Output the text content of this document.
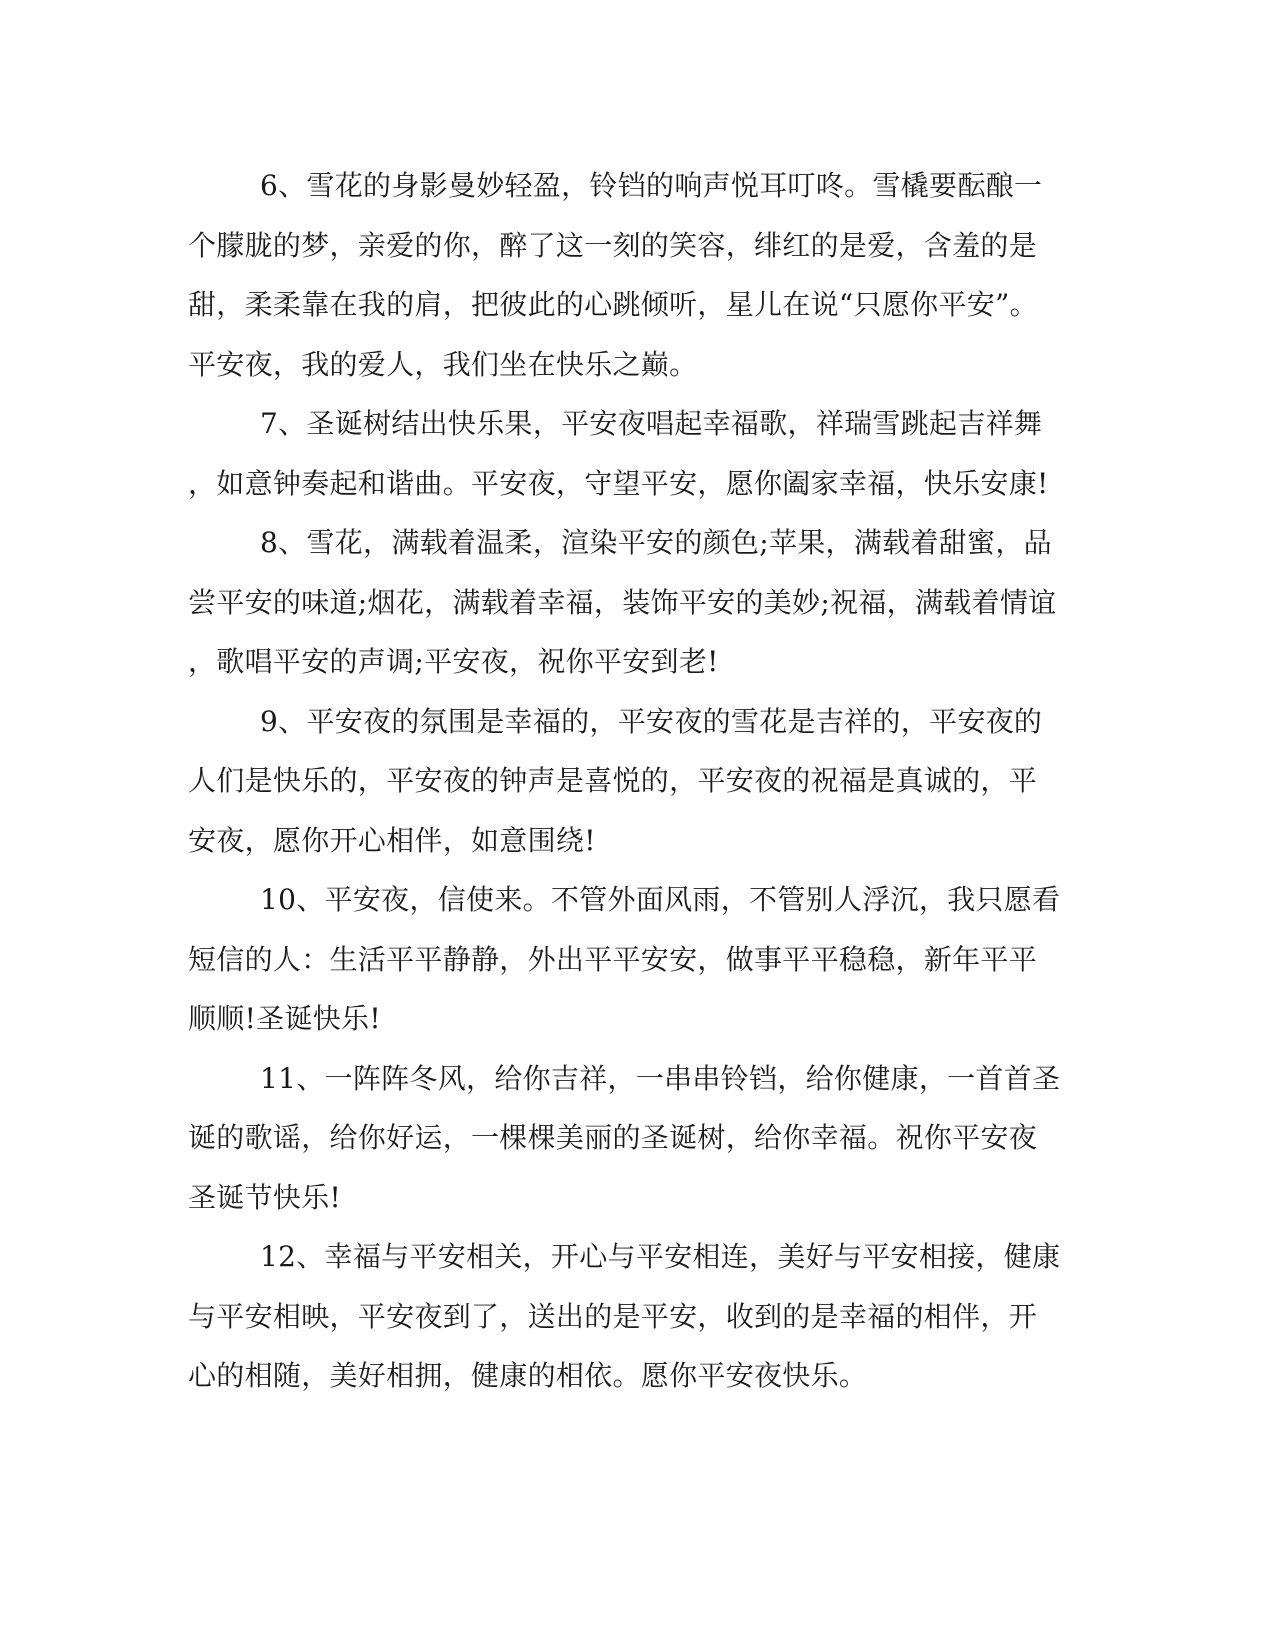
6、雪花的身影曼妙轻盈，铃铛的响声悦耳叮咚。雪橇要酝酿一
个朦胧的梦，亲爱的你，醉了这一刻的笑容，绯红的是爱，含羞的是
甜，柔柔靠在我的肩，把彼此的心跳倾听，星儿在说“只愿你平安”。
平安夜，我的爱人，我们坐在快乐之巅。
7、圣诞树结出快乐果，平安夜唱起幸福歌，祥瑞雪跳起吉祥舞
，如意钟奏起和谐曲。平安夜，守望平安，愿你阖家幸福，快乐安康!
8、雪花，满载着温柔，渲染平安的颜色;苹果，满载着甜蜜，品
尝平安的味道;烟花，满载着幸福，装饰平安的美妙;祝福，满载着情谊
，歌唱平安的声调;平安夜，祝你平安到老!
9、平安夜的氛围是幸福的，平安夜的雪花是吉祥的，平安夜的
人们是快乐的，平安夜的钟声是喜悦的，平安夜的祝福是真诚的，平
安夜，愿你开心相伴，如意围绕!
10、平安夜，信使来。不管外面风雨，不管别人浮沉，我只愿看
短信的人：生活平平静静，外出平平安安，做事平平稳稳，新年平平
顺顺!圣诞快乐!
11、一阵阵冬风，给你吉祥，一串串铃铛，给你健康，一首首圣
诞的歌谣，给你好运，一棵棵美丽的圣诞树，给你幸福。祝你平安夜
圣诞节快乐!
12、幸福与平安相关，开心与平安相连，美好与平安相接，健康
与平安相映，平安夜到了，送出的是平安，收到的是幸福的相伴，开
心的相随，美好相拥，健康的相依。愿你平安夜快乐。
